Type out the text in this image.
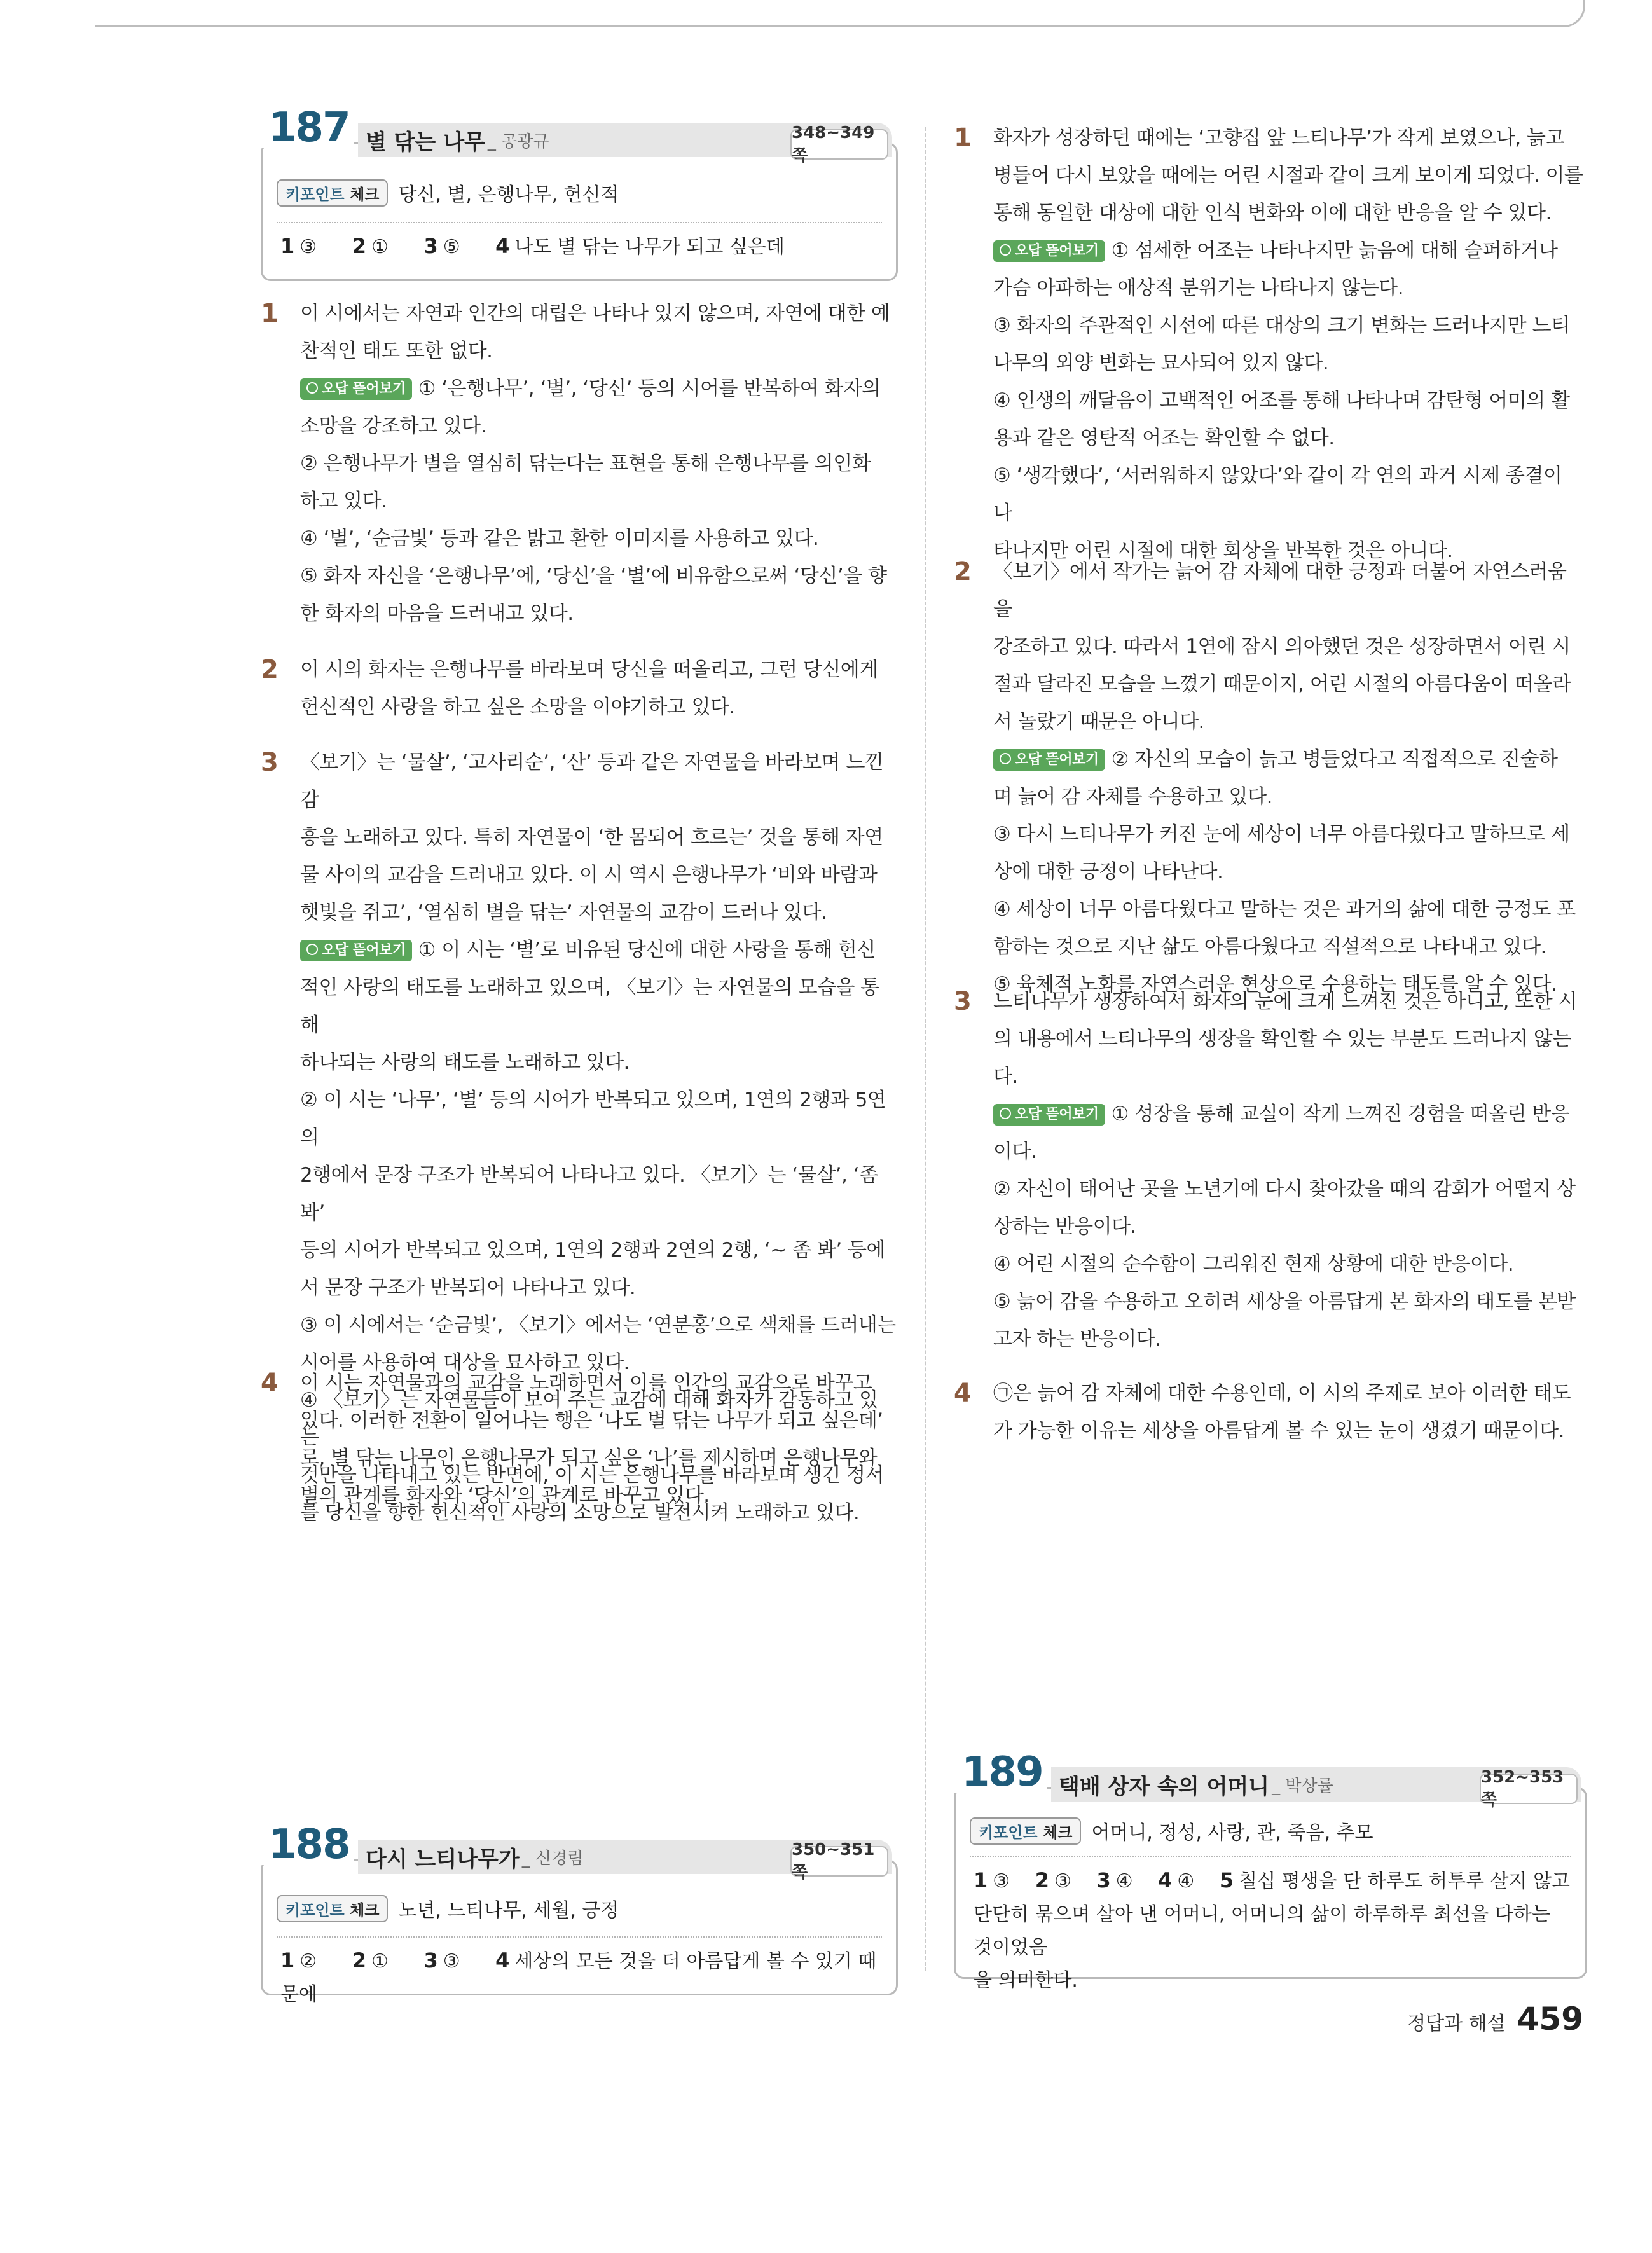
별 닦는 나무 _ 공광규
187	348~349쪽
키포인트 체크	당신, 별, 은행나무, 헌신적
1 ③ 2 ① 3 ⑤ 4 나도 별 닦는 나무가 되고 싶은데
다시 느티나무가 _ 신경림
188	350~351쪽
키포인트 체크	노년, 느티나무, 세월, 긍정
1 ② 2 ① 3 ③ 4 세상의 모든 것을 더 아름답게 볼 수 있기 때문에
택배 상자 속의 어머니 _ 박상률
189	352~353쪽
키포인트 체크	어머니, 정성, 사랑, 관, 죽음, 추모
1 ③ 2 ③ 3 ④ 4 ④ 5 칠십 평생을 단 하루도 허투루 살지 않고
단단히 묶으며 살아 낸 어머니, 어머니의 삶이 하루하루 최선을 다하는 것이었음
을 의미한다.
1 이 시에서는 자연과 인간의 대립은 나타나 있지 않으며, 자연에 대한 예

찬적인 태도 또한 없다.

오답 뜯어보기 ① ‘은행나무’, ‘별’, ‘당신’ 등의 시어를 반복하여 화자의

소망을 강조하고 있다.

② 은행나무가 별을 열심히 닦는다는 표현을 통해 은행나무를 의인화

하고 있다.

④ ‘별’, ‘순금빛’ 등과 같은 밝고 환한 이미지를 사용하고 있다.

⑤ 화자 자신을 ‘은행나무’에, ‘당신’을 ‘별’에 비유함으로써 ‘당신’을 향

한 화자의 마음을 드러내고 있다.

2 이 시의 화자는 은행나무를 바라보며 당신을 떠올리고, 그런 당신에게

헌신적인 사랑을 하고 싶은 소망을 이야기하고 있다.

3 〈보기〉는 ‘물살’, ‘고사리순’, ‘산’ 등과 같은 자연물을 바라보며 느낀 감

흥을 노래하고 있다. 특히 자연물이 ‘한 몸되어 흐르는’ 것을 통해 자연

물 사이의 교감을 드러내고 있다. 이 시 역시 은행나무가 ‘비와 바람과

햇빛을 쥐고’, ‘열심히 별을 닦는’ 자연물의 교감이 드러나 있다.

오답 뜯어보기 ① 이 시는 ‘별’로 비유된 당신에 대한 사랑을 통해 헌신

적인 사랑의 태도를 노래하고 있으며, 〈보기〉는 자연물의 모습을 통해

하나되는 사랑의 태도를 노래하고 있다.

② 이 시는 ‘나무’, ‘별’ 등의 시어가 반복되고 있으며, 1연의 2행과 5연의

2행에서 문장 구조가 반복되어 나타나고 있다. 〈보기〉는 ‘물살’, ‘좀 봐’

등의 시어가 반복되고 있으며, 1연의 2행과 2연의 2행, ‘~ 좀 봐’ 등에

서 문장 구조가 반복되어 나타나고 있다.

③ 이 시에서는 ‘순금빛’, 〈보기〉에서는 ‘연분홍’으로 색채를 드러내는

시어를 사용하여 대상을 묘사하고 있다.

④ 〈보기〉는 자연물들이 보여 주는 교감에 대해 화자가 감동하고 있는

것만을 나타내고 있는 반면에, 이 시는 은행나무를 바라보며 생긴 정서

를 당신을 향한 헌신적인 사랑의 소망으로 발전시켜 노래하고 있다.

4 이 시는 자연물과의 교감을 노래하면서 이를 인간의 교감으로 바꾸고

있다. 이러한 전환이 일어나는 행은 ‘나도 별 닦는 나무가 되고 싶은데’

로, 별 닦는 나무인 은행나무가 되고 싶은 ‘나’를 제시하며 은행나무와

별의 관계를 화자와 ‘당신’의 관계로 바꾸고 있다.

1 화자가 성장하던 때에는 ‘고향집 앞 느티나무’가 작게 보였으나, 늙고

병들어 다시 보았을 때에는 어린 시절과 같이 크게 보이게 되었다. 이를

통해 동일한 대상에 대한 인식 변화와 이에 대한 반응을 알 수 있다.

오답 뜯어보기 ① 섬세한 어조는 나타나지만 늙음에 대해 슬퍼하거나

가슴 아파하는 애상적 분위기는 나타나지 않는다.

③ 화자의 주관적인 시선에 따른 대상의 크기 변화는 드러나지만 느티

나무의 외양 변화는 묘사되어 있지 않다.

④ 인생의 깨달음이 고백적인 어조를 통해 나타나며 감탄형 어미의 활

용과 같은 영탄적 어조는 확인할 수 없다.

⑤ ‘생각했다’, ‘서러워하지 않았다’와 같이 각 연의 과거 시제 종결이 나

타나지만 어린 시절에 대한 회상을 반복한 것은 아니다.

2 〈보기〉에서 작가는 늙어 감 자체에 대한 긍정과 더불어 자연스러움을

강조하고 있다. 따라서 1연에 잠시 의아했던 것은 성장하면서 어린 시

절과 달라진 모습을 느꼈기 때문이지, 어린 시절의 아름다움이 떠올라

서 놀랐기 때문은 아니다.

오답 뜯어보기 ② 자신의 모습이 늙고 병들었다고 직접적으로 진술하

며 늙어 감 자체를 수용하고 있다.

③ 다시 느티나무가 커진 눈에 세상이 너무 아름다웠다고 말하므로 세

상에 대한 긍정이 나타난다.

④ 세상이 너무 아름다웠다고 말하는 것은 과거의 삶에 대한 긍정도 포

함하는 것으로 지난 삶도 아름다웠다고 직설적으로 나타내고 있다.

⑤ 육체적 노화를 자연스러운 현상으로 수용하는 태도를 알 수 있다.

3 느티나무가 생장하여서 화자의 눈에 크게 느껴진 것은 아니고, 또한 시

의 내용에서 느티나무의 생장을 확인할 수 있는 부분도 드러나지 않는

다.

오답 뜯어보기 ① 성장을 통해 교실이 작게 느껴진 경험을 떠올린 반응

이다.

② 자신이 태어난 곳을 노년기에 다시 찾아갔을 때의 감회가 어떨지 상

상하는 반응이다.

④ 어린 시절의 순수함이 그리워진 현재 상황에 대한 반응이다.

⑤ 늙어 감을 수용하고 오히려 세상을 아름답게 본 화자의 태도를 본받

고자 하는 반응이다.

4 ㉠은 늙어 감 자체에 대한 수용인데, 이 시의 주제로 보아 이러한 태도

가 가능한 이유는 세상을 아름답게 볼 수 있는 눈이 생겼기 때문이다.

정답과 해설 459
